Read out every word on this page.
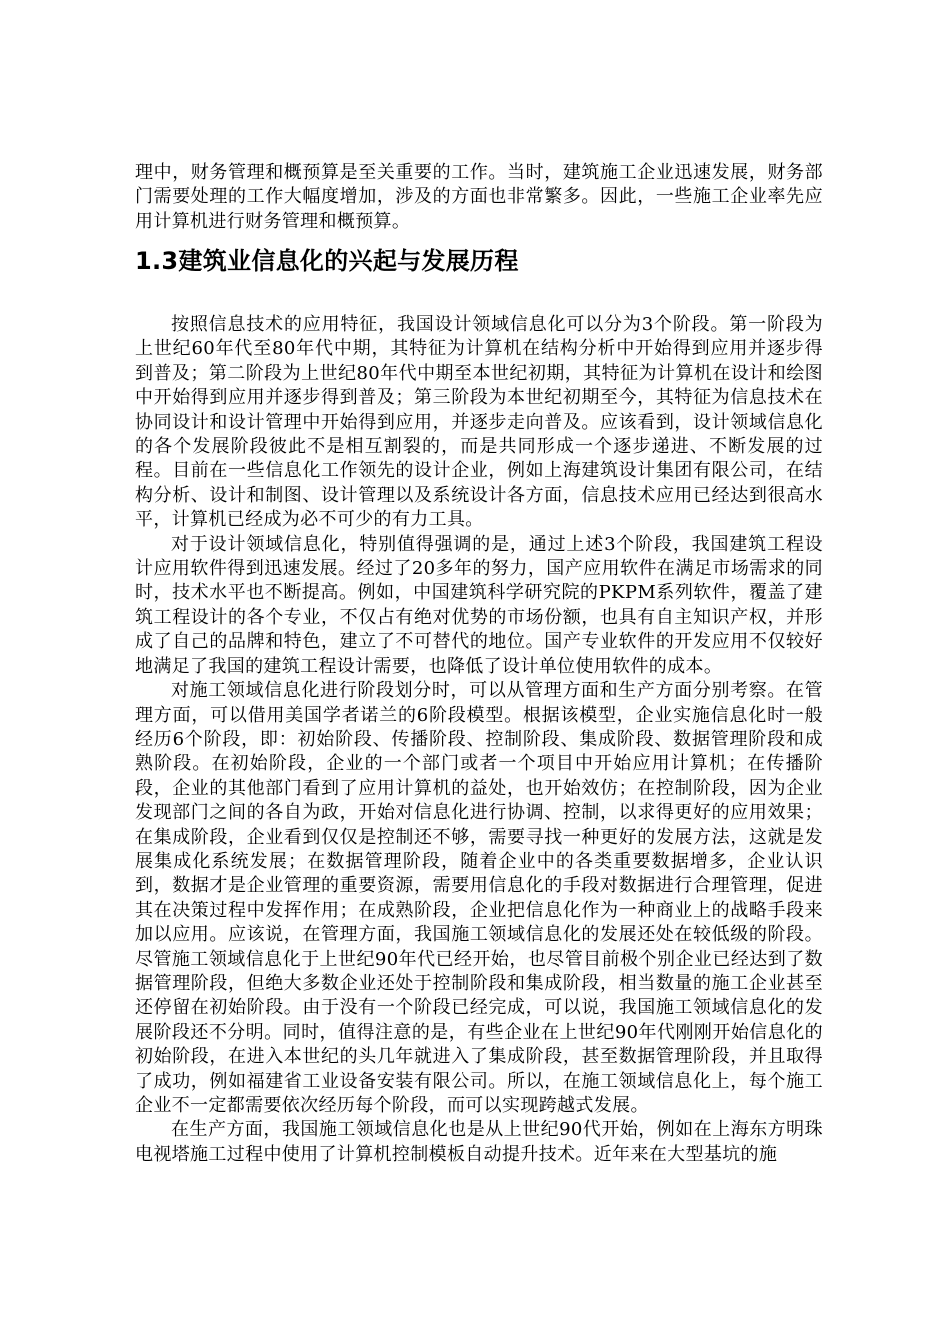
理中，财务管理和概预算是至关重要的工作。当时，建筑施工企业迅速发展，财务部门需要处理的工作大幅度增加，涉及的方面也非常繁多。因此，一些施工企业率先应用计算机进行财务管理和概预算。

1.3建筑业信息化的兴起与发展历程

按照信息技术的应用特征，我国设计领域信息化可以分为3个阶段。第一阶段为上世纪60年代至80年代中期，其特征为计算机在结构分析中开始得到应用并逐步得到普及；第二阶段为上世纪80年代中期至本世纪初期，其特征为计算机在设计和绘图中开始得到应用并逐步得到普及；第三阶段为本世纪初期至今，其特征为信息技术在协同设计和设计管理中开始得到应用，并逐步走向普及。应该看到，设计领域信息化的各个发展阶段彼此不是相互割裂的，而是共同形成一个逐步递进、不断发展的过程。目前在一些信息化工作领先的设计企业，例如上海建筑设计集团有限公司，在结构分析、设计和制图、设计管理以及系统设计各方面，信息技术应用已经达到很高水平，计算机已经成为必不可少的有力工具。

对于设计领域信息化，特别值得强调的是，通过上述3个阶段，我国建筑工程设计应用软件得到迅速发展。经过了20多年的努力，国产应用软件在满足市场需求的同时，技术水平也不断提高。例如，中国建筑科学研究院的PKPM系列软件，覆盖了建筑工程设计的各个专业，不仅占有绝对优势的市场份额，也具有自主知识产权，并形成了自己的品牌和特色，建立了不可替代的地位。国产专业软件的开发应用不仅较好地满足了我国的建筑工程设计需要，也降低了设计单位使用软件的成本。

对施工领域信息化进行阶段划分时，可以从管理方面和生产方面分别考察。在管理方面，可以借用美国学者诺兰的6阶段模型。根据该模型，企业实施信息化时一般经历6个阶段，即：初始阶段、传播阶段、控制阶段、集成阶段、数据管理阶段和成熟阶段。在初始阶段，企业的一个部门或者一个项目中开始应用计算机；在传播阶段，企业的其他部门看到了应用计算机的益处，也开始效仿；在控制阶段，因为企业发现部门之间的各自为政，开始对信息化进行协调、控制，以求得更好的应用效果；在集成阶段，企业看到仅仅是控制还不够，需要寻找一种更好的发展方法，这就是发展集成化系统发展；在数据管理阶段，随着企业中的各类重要数据增多，企业认识到，数据才是企业管理的重要资源，需要用信息化的手段对数据进行合理管理，促进其在决策过程中发挥作用；在成熟阶段，企业把信息化作为一种商业上的战略手段来加以应用。应该说，在管理方面，我国施工领域信息化的发展还处在较低级的阶段。尽管施工领域信息化于上世纪90年代已经开始，也尽管目前极个别企业已经达到了数据管理阶段，但绝大多数企业还处于控制阶段和集成阶段，相当数量的施工企业甚至还停留在初始阶段。由于没有一个阶段已经完成，可以说，我国施工领域信息化的发展阶段还不分明。同时，值得注意的是，有些企业在上世纪90年代刚刚开始信息化的初始阶段，在进入本世纪的头几年就进入了集成阶段，甚至数据管理阶段，并且取得了成功，例如福建省工业设备安装有限公司。所以，在施工领域信息化上，每个施工企业不一定都需要依次经历每个阶段，而可以实现跨越式发展。

在生产方面，我国施工领域信息化也是从上世纪90代开始，例如在上海东方明珠电视塔施工过程中使用了计算机控制模板自动提升技术。近年来在大型基坑的施
